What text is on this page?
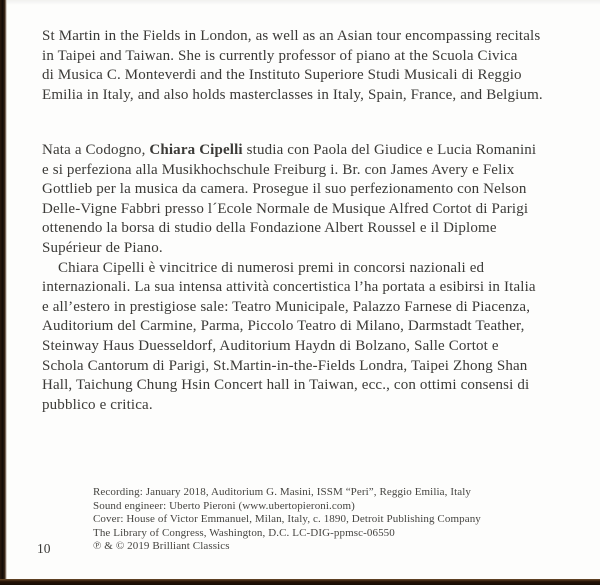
St Martin in the Fields in London, as well as an Asian tour encompassing recitals
in Taipei and Taiwan. She is currently professor of piano at the Scuola Civica
di Musica C. Monteverdi and the Instituto Superiore Studi Musicali di Reggio
Emilia in Italy, and also holds masterclasses in Italy, Spain, France, and Belgium.
Nata a Codogno, Chiara Cipelli studia con Paola del Giudice e Lucia Romanini
e si perfeziona alla Musikhochschule Freiburg i. Br. con James Avery e Felix
Gottlieb per la musica da camera. Prosegue il suo perfezionamento con Nelson
Delle-Vigne Fabbri presso l´Ecole Normale de Musique Alfred Cortot di Parigi
ottenendo la borsa di studio della Fondazione Albert Roussel e il Diplome
Supérieur de Piano.
Chiara Cipelli è vincitrice di numerosi premi in concorsi nazionali ed
internazionali. La sua intensa attività concertistica l’ha portata a esibirsi in Italia
e all’estero in prestigiose sale: Teatro Municipale, Palazzo Farnese di Piacenza,
Auditorium del Carmine, Parma, Piccolo Teatro di Milano, Darmstadt Teather,
Steinway Haus Duesseldorf, Auditorium Haydn di Bolzano, Salle Cortot e
Schola Cantorum di Parigi, St.Martin-in-the-Fields Londra, Taipei Zhong Shan
Hall, Taichung Chung Hsin Concert hall in Taiwan, ecc., con ottimi consensi di
pubblico e critica.
Recording: January 2018, Auditorium G. Masini, ISSM “Peri”, Reggio Emilia, Italy
Sound engineer: Uberto Pieroni (www.ubertopieroni.com)
Cover: House of Victor Emmanuel, Milan, Italy, c. 1890, Detroit Publishing Company
The Library of Congress, Washington, D.C. LC-DIG-ppmsc-06550
℗ & © 2019 Brilliant Classics
10
